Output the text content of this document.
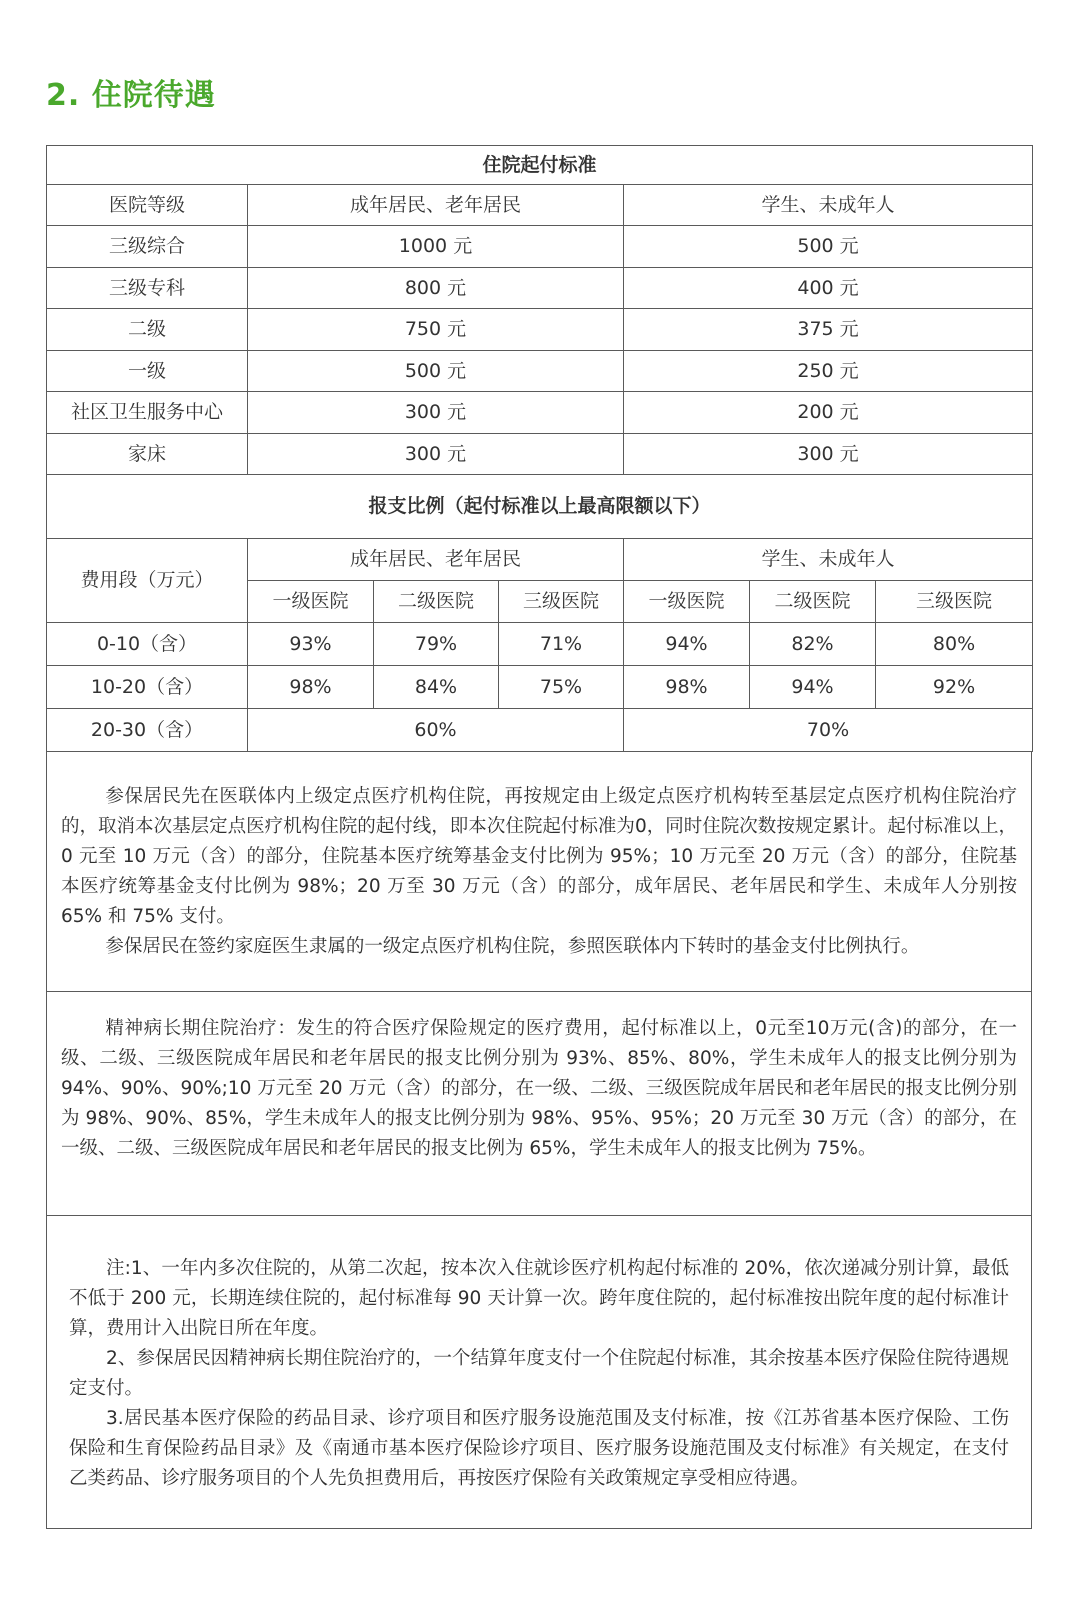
2. 住院待遇
住院起付标准						
医院等级	成年居民、老年居民			学生、未成年人		
三级综合	1000 元			500 元		
三级专科	800 元			400 元		
二级	750 元			375 元		
一级	500 元			250 元		
社区卫生服务中心	300 元			200 元		
家床	300 元			300 元		
报支比例（起付标准以上最高限额以下）						
费用段（万元）	成年居民、老年居民			学生、未成年人		
	一级医院	二级医院	三级医院	一级医院	二级医院	三级医院
0-10（含）	93%	79%	71%	94%	82%	80%
10-20（含）	98%	84%	75%	98%	94%	92%
20-30（含）	60%			70%		

参保居民先在医联体内上级定点医疗机构住院，再按规定由上级定点医疗机构转至基层定点医疗机构住院治疗的，取消本次基层定点医疗机构住院的起付线，即本次住院起付标准为0，同时住院次数按规定累计。起付标准以上，0 元至 10 万元（含）的部分，住院基本医疗统筹基金支付比例为 95%；10 万元至 20 万元（含）的部分，住院基本医疗统筹基金支付比例为 98%；20 万至 30 万元（含）的部分，成年居民、老年居民和学生、未成年人分别按 65% 和 75% 支付。

参保居民在签约家庭医生隶属的一级定点医疗机构住院，参照医联体内下转时的基金支付比例执行。

精神病长期住院治疗：发生的符合医疗保险规定的医疗费用，起付标准以上，0元至10万元(含)的部分，在一级、二级、三级医院成年居民和老年居民的报支比例分别为 93%、85%、80%，学生未成年人的报支比例分别为 94%、90%、90%;10 万元至 20 万元（含）的部分，在一级、二级、三级医院成年居民和老年居民的报支比例分别为 98%、90%、85%，学生未成年人的报支比例分别为 98%、95%、95%；20 万元至 30 万元（含）的部分，在一级、二级、三级医院成年居民和老年居民的报支比例为 65%，学生未成年人的报支比例为 75%。

注:1、一年内多次住院的，从第二次起，按本次入住就诊医疗机构起付标准的 20%，依次递减分别计算，最低不低于 200 元，长期连续住院的，起付标准每 90 天计算一次。跨年度住院的，起付标准按出院年度的起付标准计算，费用计入出院日所在年度。

2、参保居民因精神病长期住院治疗的，一个结算年度支付一个住院起付标准，其余按基本医疗保险住院待遇规定支付。

3.居民基本医疗保险的药品目录、诊疗项目和医疗服务设施范围及支付标准，按《江苏省基本医疗保险、工伤保险和生育保险药品目录》及《南通市基本医疗保险诊疗项目、医疗服务设施范围及支付标准》有关规定，在支付乙类药品、诊疗服务项目的个人先负担费用后，再按医疗保险有关政策规定享受相应待遇。
